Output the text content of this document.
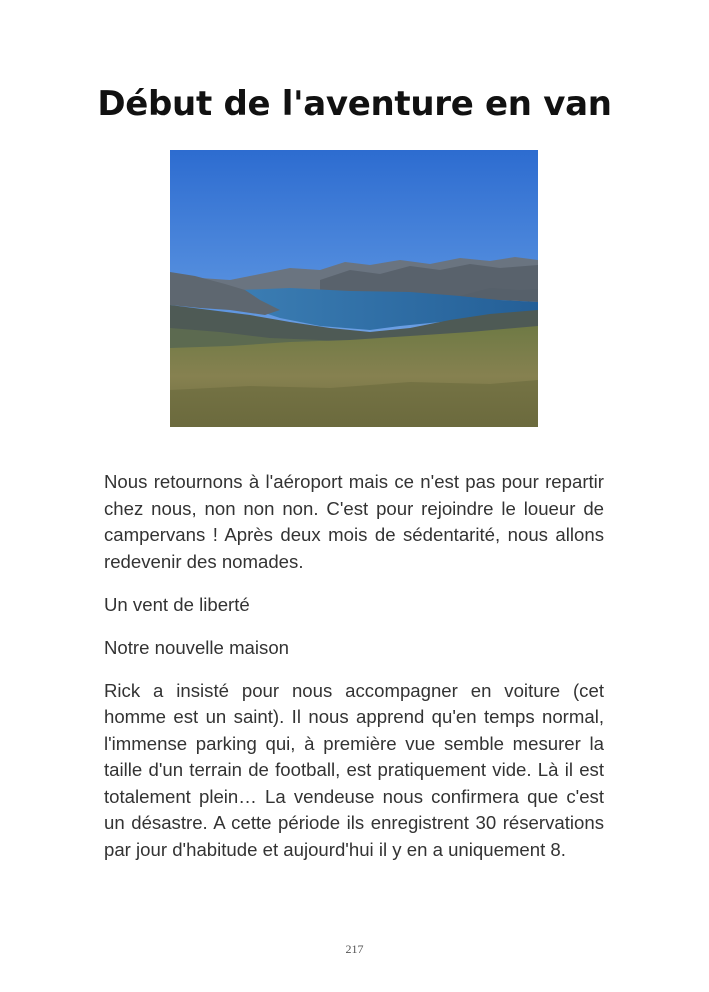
Début de l'aventure en van

Nous retournons à l'aéroport mais ce n'est pas pour repartir chez nous, non non non. C'est pour rejoindre le loueur de campervans ! Après deux mois de sédentarité, nous allons redevenir des nomades.

Un vent de liberté

Notre nouvelle maison

Rick a insisté pour nous accompagner en voiture (cet homme est un saint). Il nous apprend qu'en temps normal, l'immense parking qui, à première vue semble mesurer la taille d'un terrain de football, est pratiquement vide. Là il est totalement plein… La vendeuse nous confirmera que c'est un désastre. A cette période ils enregistrent 30 réservations par jour d'habitude et aujourd'hui il y en a uniquement 8.

217
